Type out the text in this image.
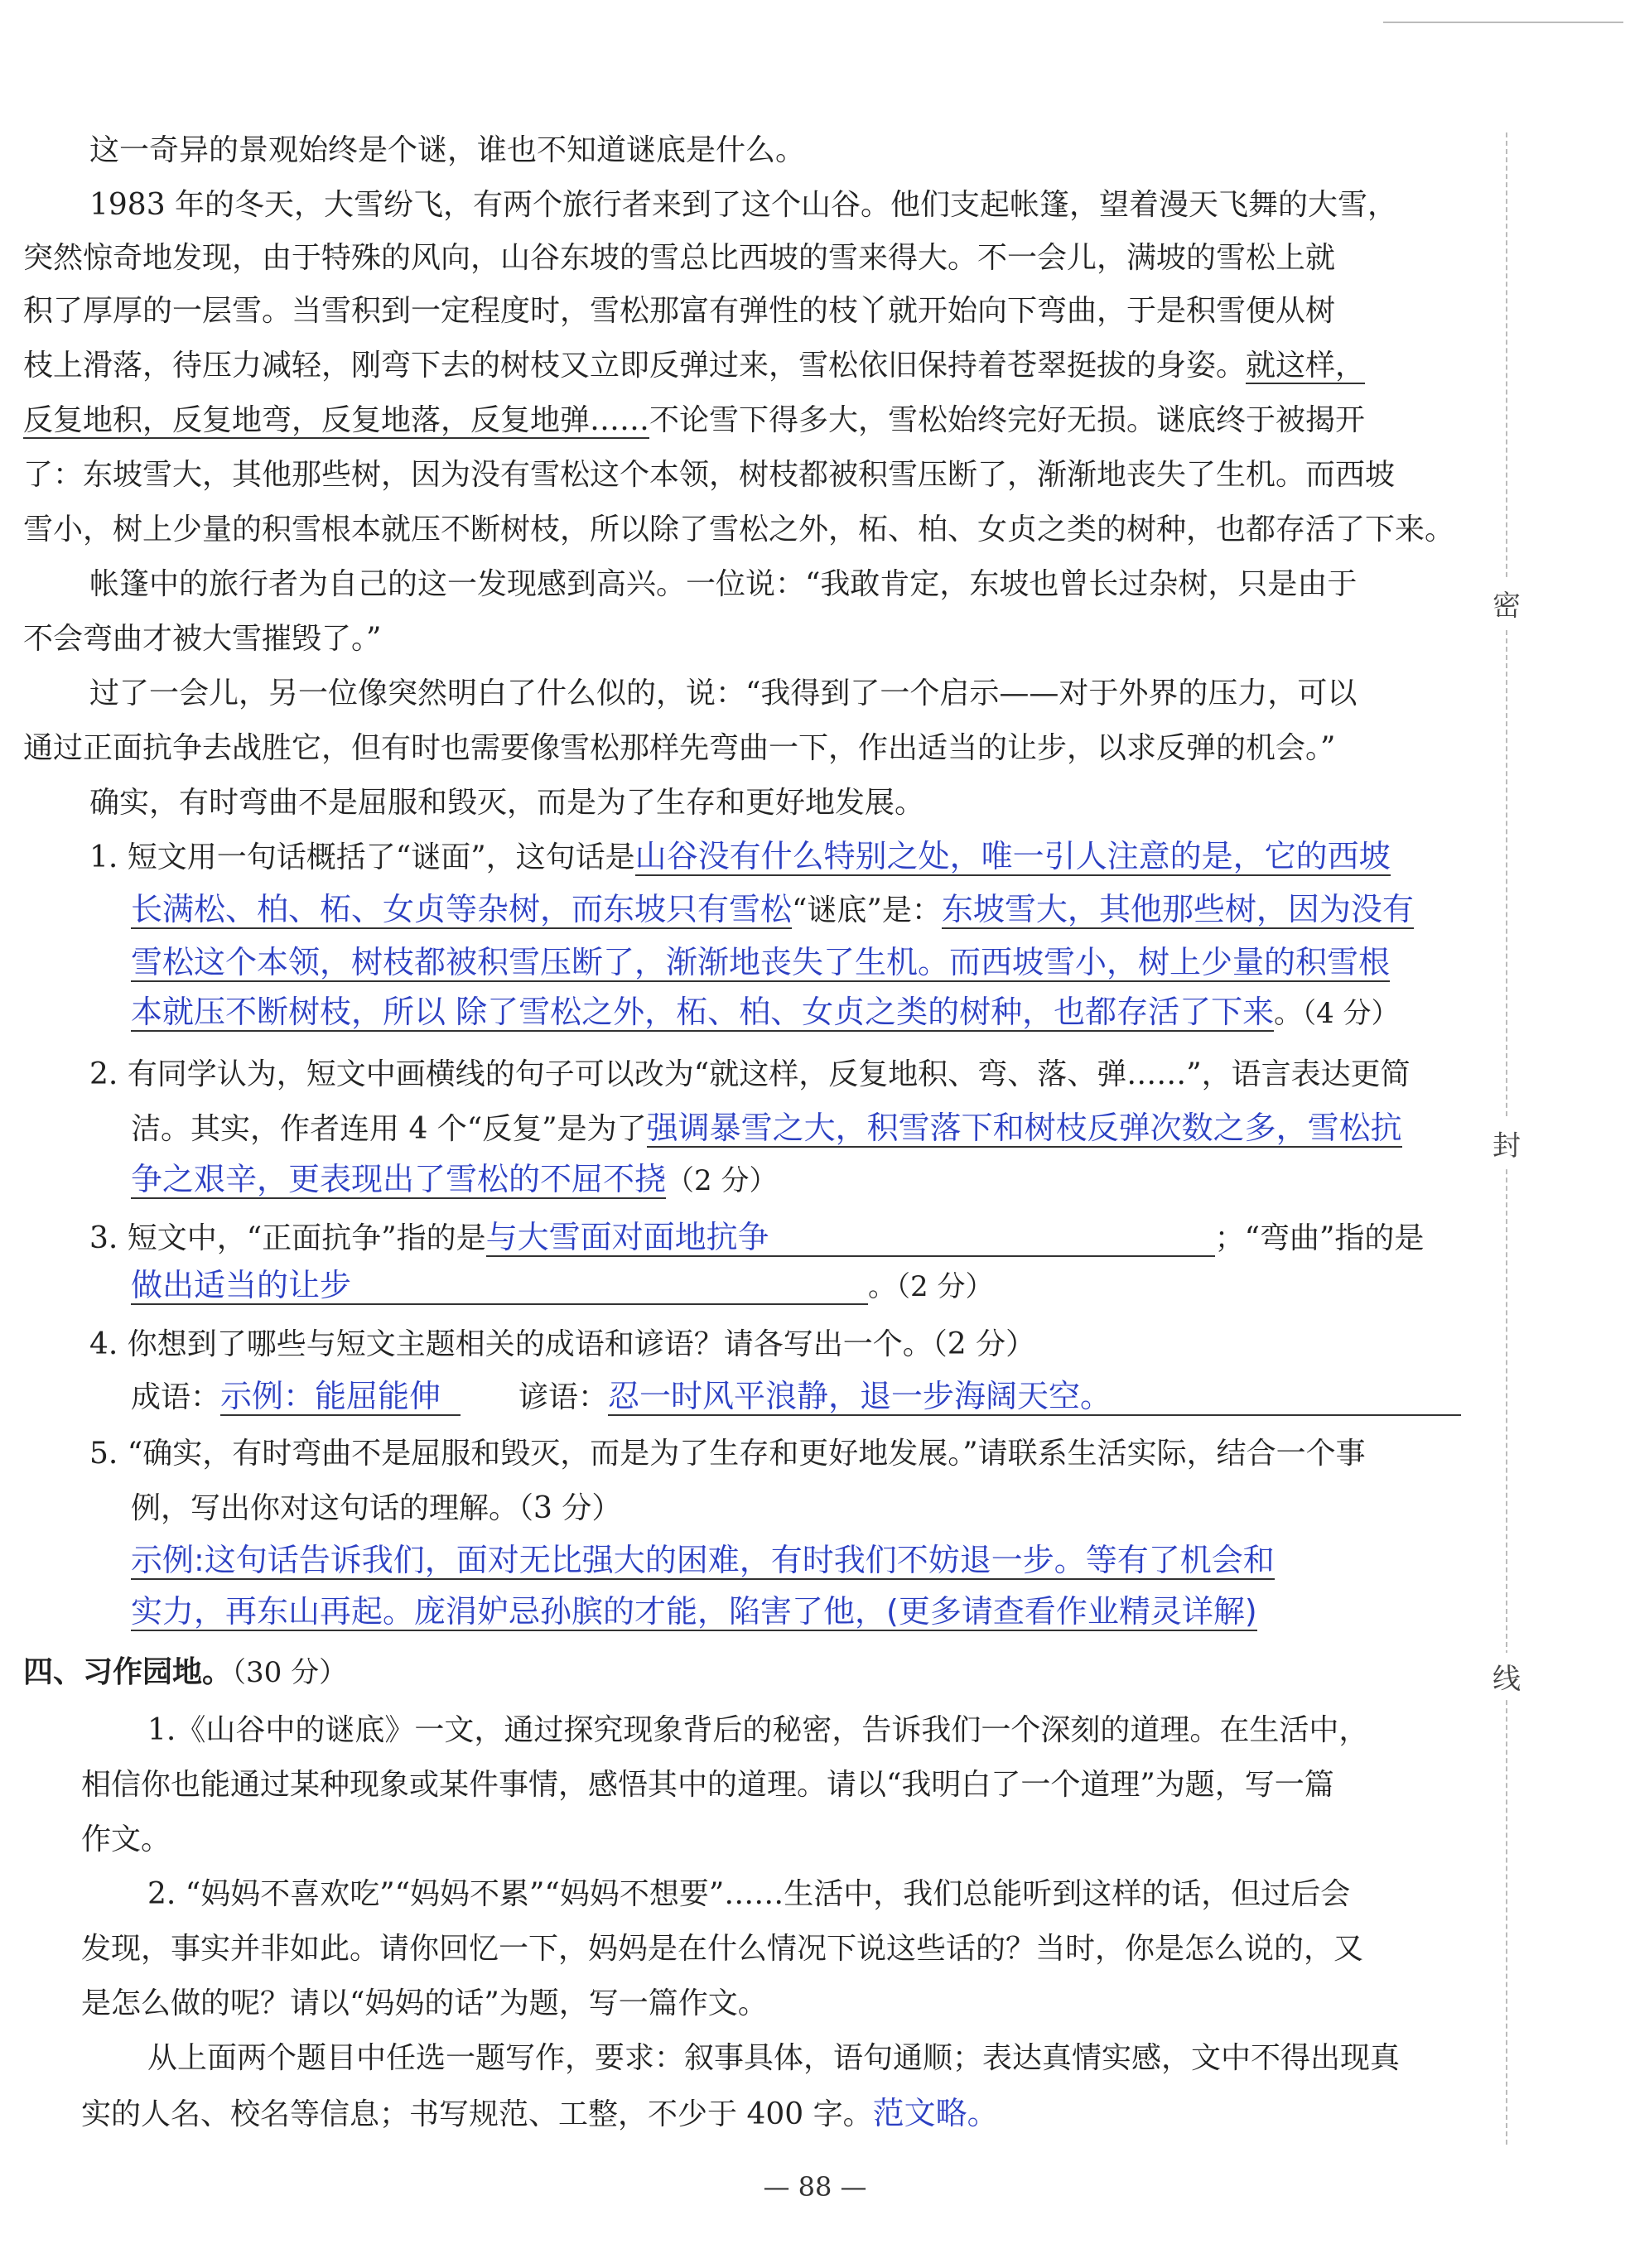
密
封
线
这一奇异的景观始终是个谜，谁也不知道谜底是什么。
1983 年的冬天，大雪纷飞，有两个旅行者来到了这个山谷。他们支起帐篷，望着漫天飞舞的大雪，
突然惊奇地发现，由于特殊的风向，山谷东坡的雪总比西坡的雪来得大。不一会儿，满坡的雪松上就
积了厚厚的一层雪。当雪积到一定程度时，雪松那富有弹性的枝丫就开始向下弯曲，于是积雪便从树
枝上滑落，待压力减轻，刚弯下去的树枝又立即反弹过来，雪松依旧保持着苍翠挺拔的身姿。就这样，
反复地积，反复地弯，反复地落，反复地弹……不论雪下得多大，雪松始终完好无损。谜底终于被揭开
了：东坡雪大，其他那些树，因为没有雪松这个本领，树枝都被积雪压断了，渐渐地丧失了生机。而西坡
雪小，树上少量的积雪根本就压不断树枝，所以除了雪松之外，柘、柏、女贞之类的树种，也都存活了下来。
帐篷中的旅行者为自己的这一发现感到高兴。一位说：“我敢肯定，东坡也曾长过杂树，只是由于
不会弯曲才被大雪摧毁了。”
过了一会儿，另一位像突然明白了什么似的，说：“我得到了一个启示——对于外界的压力，可以
通过正面抗争去战胜它，但有时也需要像雪松那样先弯曲一下，作出适当的让步，以求反弹的机会。”
确实，有时弯曲不是屈服和毁灭，而是为了生存和更好地发展。
1. 短文用一句话概括了“谜面”，这句话是山谷没有什么特别之处，唯一引人注意的是，它的西坡
长满松、柏、柘、女贞等杂树，而东坡只有雪松“谜底”是：东坡雪大，其他那些树，因为没有
雪松这个本领，树枝都被积雪压断了，渐渐地丧失了生机。而西坡雪小，树上少量的积雪根
本就压不断树枝，所以 除了雪松之外，柘、柏、女贞之类的树种，也都存活了下来。（4 分）
2. 有同学认为，短文中画横线的句子可以改为“就这样，反复地积、弯、落、弹……”，语言表达更简
洁。其实，作者连用 4 个“反复”是为了强调暴雪之大，积雪落下和树枝反弹次数之多，雪松抗
争之艰辛，更表现出了雪松的不屈不挠（2 分）
3. 短文中，“正面抗争”指的是与大雪面对面地抗争	；“弯曲”指的是
做出适当的让步	。（2 分）
4. 你想到了哪些与短文主题相关的成语和谚语？请各写出一个。（2 分）
成语：示例：能屈能伸	谚语：忍一时风平浪静，退一步海阔天空。
5. “确实，有时弯曲不是屈服和毁灭，而是为了生存和更好地发展。”请联系生活实际，结合一个事
例，写出你对这句话的理解。（3 分）
示例:这句话告诉我们，面对无比强大的困难，有时我们不妨退一步。等有了机会和
实力，再东山再起。庞涓妒忌孙膑的才能，陷害了他，(更多请查看作业精灵详解)
四、习作园地。（30 分）
1.《山谷中的谜底》一文，通过探究现象背后的秘密，告诉我们一个深刻的道理。在生活中，
相信你也能通过某种现象或某件事情，感悟其中的道理。请以“我明白了一个道理”为题，写一篇
作文。
2. “妈妈不喜欢吃”“妈妈不累”“妈妈不想要”……生活中，我们总能听到这样的话，但过后会
发现，事实并非如此。请你回忆一下，妈妈是在什么情况下说这些话的？当时，你是怎么说的，又
是怎么做的呢？请以“妈妈的话”为题，写一篇作文。
从上面两个题目中任选一题写作，要求：叙事具体，语句通顺；表达真情实感，文中不得出现真
实的人名、校名等信息；书写规范、工整，不少于 400 字。范文略。
— 88 —
